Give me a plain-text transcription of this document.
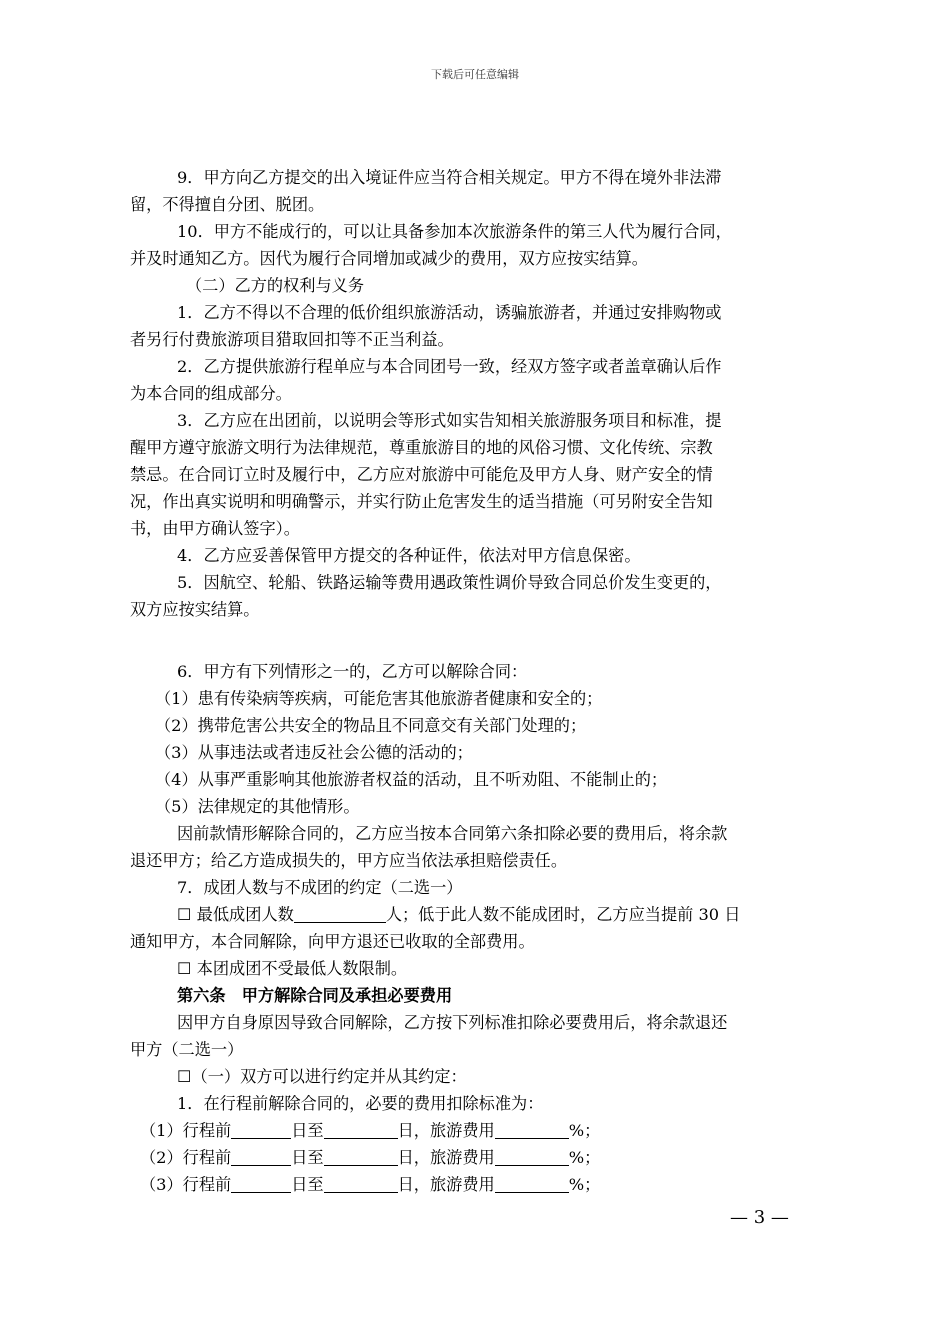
下载后可任意编辑
9．甲方向乙方提交的出入境证件应当符合相关规定。甲方不得在境外非法滞
留，不得擅自分团、脱团。
10．甲方不能成行的，可以让具备参加本次旅游条件的第三人代为履行合同，
并及时通知乙方。因代为履行合同增加或减少的费用，双方应按实结算。
（二）乙方的权利与义务
1．乙方不得以不合理的低价组织旅游活动，诱骗旅游者，并通过安排购物或
者另行付费旅游项目猎取回扣等不正当利益。
2．乙方提供旅游行程单应与本合同团号一致，经双方签字或者盖章确认后作
为本合同的组成部分。
3．乙方应在出团前，以说明会等形式如实告知相关旅游服务项目和标准，提
醒甲方遵守旅游文明行为法律规范，尊重旅游目的地的风俗习惯、文化传统、宗教
禁忌。在合同订立时及履行中，乙方应对旅游中可能危及甲方人身、财产安全的情
况，作出真实说明和明确警示，并实行防止危害发生的适当措施（可另附安全告知
书，由甲方确认签字）。
4．乙方应妥善保管甲方提交的各种证件，依法对甲方信息保密。
5．因航空、轮船、铁路运输等费用遇政策性调价导致合同总价发生变更的，
双方应按实结算。
6．甲方有下列情形之一的，乙方可以解除合同：
（1）患有传染病等疾病，可能危害其他旅游者健康和安全的；
（2）携带危害公共安全的物品且不同意交有关部门处理的；
（3）从事违法或者违反社会公德的活动的；
（4）从事严重影响其他旅游者权益的活动，且不听劝阻、不能制止的；
（5）法律规定的其他情形。
因前款情形解除合同的，乙方应当按本合同第六条扣除必要的费用后，将余款
退还甲方；给乙方造成损失的，甲方应当依法承担赔偿责任。
7．成团人数与不成团的约定（二选一）
☐ 最低成团人数	人；低于此人数不能成团时，乙方应当提前 30 日
通知甲方，本合同解除，向甲方退还已收取的全部费用。
☐ 本团成团不受最低人数限制。
第六条　甲方解除合同及承担必要费用
因甲方自身原因导致合同解除，乙方按下列标准扣除必要费用后，将余款退还
甲方（二选一）
☐（一）双方可以进行约定并从其约定：
1．在行程前解除合同的，必要的费用扣除标准为：
（1）行程前	日至	日，旅游费用	%；
（2）行程前	日至	日，旅游费用	%；
（3）行程前	日至	日，旅游费用	%；
— 3 —
